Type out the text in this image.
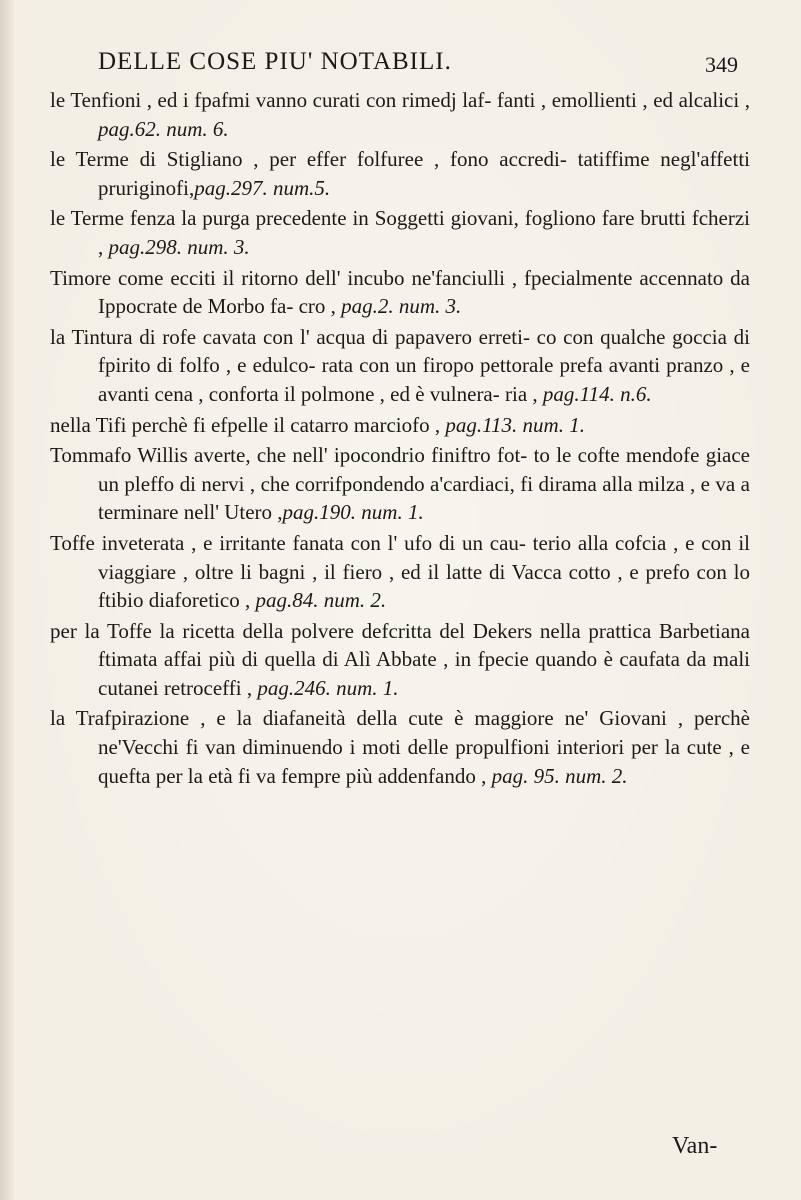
DELLE COSE PIU' NOTABILI.	349

le Tenfioni , ed i fpafmi vanno curati con rimedj laf- fanti , emollienti , ed alcalici , pag.62. num. 6.

le Terme di Stigliano , per effer folfuree , fono accredi- tatiffime negl'affetti pruriginofi,pag.297. num.5.

le Terme fenza la purga precedente in Soggetti giovani, fogliono fare brutti fcherzi , pag.298. num. 3.

Timore come ecciti il ritorno dell' incubo ne'fanciulli , fpecialmente accennato da Ippocrate de Morbo fa- cro , pag.2. num. 3.

la Tintura di rofe cavata con l' acqua di papavero erreti- co con qualche goccia di fpirito di folfo , e edulco- rata con un firopo pettorale prefa avanti pranzo , e avanti cena , conforta il polmone , ed è vulnera- ria , pag.114. n.6.

nella Tifi perchè fi efpelle il catarro marciofo , pag.113. num. 1.

Tommafo Willis averte, che nell' ipocondrio finiftro fot- to le cofte mendofe giace un pleffo di nervi , che corrifpondendo a'cardiaci, fi dirama alla milza , e va a terminare nell' Utero ,pag.190. num. 1.

Toffe inveterata , e irritante fanata con l' ufo di un cau- terio alla cofcia , e con il viaggiare , oltre li bagni , il fiero , ed il latte di Vacca cotto , e prefo con lo ftibio diaforetico , pag.84. num. 2.

per la Toffe la ricetta della polvere defcritta del Dekers nella prattica Barbetiana ftimata affai più di quella di Alì Abbate , in fpecie quando è caufata da mali cutanei retroceffi , pag.246. num. 1.

la Trafpirazione , e la diafaneità della cute è maggiore ne' Giovani , perchè ne'Vecchi fi van diminuendo i moti delle propulfioni interiori per la cute , e quefta per la età fi va fempre più addenfando , pag. 95. num. 2.

Van-
